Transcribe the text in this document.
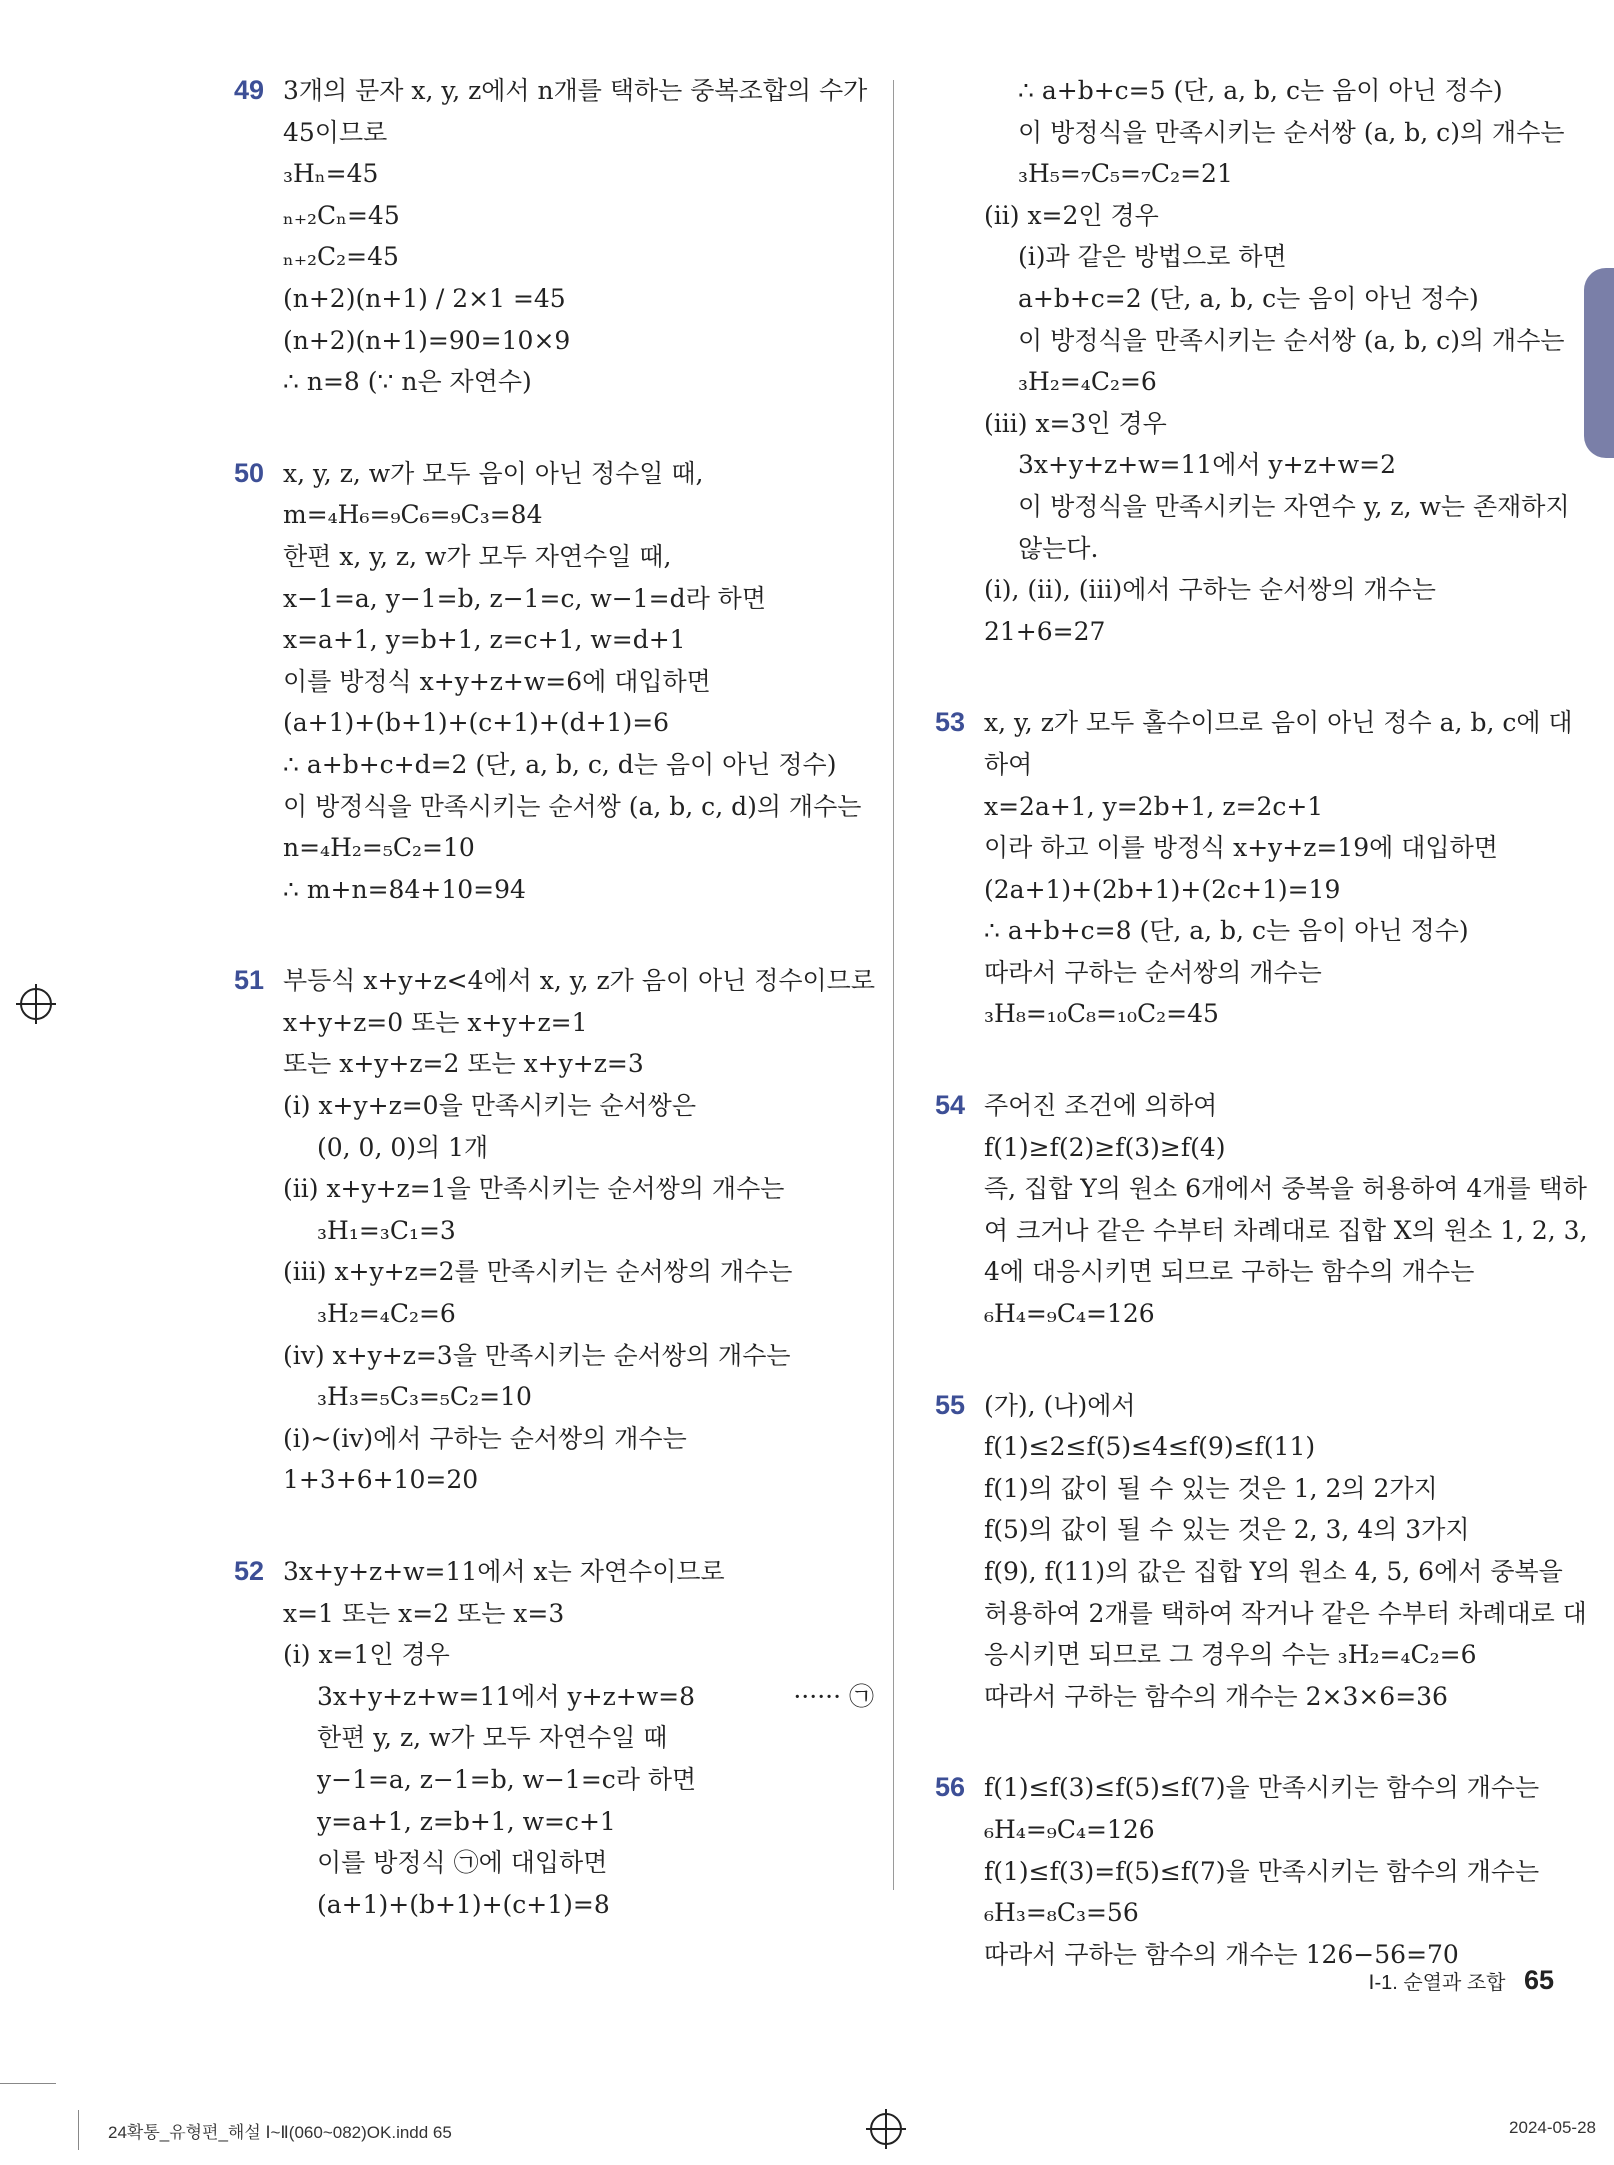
49 3개의 문자 x, y, z에서 n개를 택하는 중복조합의 수가
45이므로
₃Hₙ=45
ₙ₊₂Cₙ=45
ₙ₊₂C₂=45
(n+2)(n+1) / 2×1 =45
(n+2)(n+1)=90=10×9
∴ n=8 (∵ n은 자연수)
50 x, y, z, w가 모두 음이 아닌 정수일 때,
m=₄H₆=₉C₆=₉C₃=84
한편 x, y, z, w가 모두 자연수일 때,
x−1=a, y−1=b, z−1=c, w−1=d라 하면
x=a+1, y=b+1, z=c+1, w=d+1
이를 방정식 x+y+z+w=6에 대입하면
(a+1)+(b+1)+(c+1)+(d+1)=6
∴ a+b+c+d=2 (단, a, b, c, d는 음이 아닌 정수)
이 방정식을 만족시키는 순서쌍 (a, b, c, d)의 개수는
n=₄H₂=₅C₂=10
∴ m+n=84+10=94
51 부등식 x+y+z<4에서 x, y, z가 음이 아닌 정수이므로
x+y+z=0 또는 x+y+z=1
또는 x+y+z=2 또는 x+y+z=3
(ⅰ) x+y+z=0을 만족시키는 순서쌍은
(0, 0, 0)의 1개
(ⅱ) x+y+z=1을 만족시키는 순서쌍의 개수는
₃H₁=₃C₁=3
(ⅲ) x+y+z=2를 만족시키는 순서쌍의 개수는
₃H₂=₄C₂=6
(ⅳ) x+y+z=3을 만족시키는 순서쌍의 개수는
₃H₃=₅C₃=₅C₂=10
(ⅰ)~(ⅳ)에서 구하는 순서쌍의 개수는
1+3+6+10=20
52 3x+y+z+w=11에서 x는 자연수이므로
x=1 또는 x=2 또는 x=3
(ⅰ) x=1인 경우
3x+y+z+w=11에서 y+z+w=8	······ ㉠
한편 y, z, w가 모두 자연수일 때
y−1=a, z−1=b, w−1=c라 하면
y=a+1, z=b+1, w=c+1
이를 방정식 ㉠에 대입하면
(a+1)+(b+1)+(c+1)=8
∴ a+b+c=5 (단, a, b, c는 음이 아닌 정수)
이 방정식을 만족시키는 순서쌍 (a, b, c)의 개수는
₃H₅=₇C₅=₇C₂=21
(ⅱ) x=2인 경우
(ⅰ)과 같은 방법으로 하면
a+b+c=2 (단, a, b, c는 음이 아닌 정수)
이 방정식을 만족시키는 순서쌍 (a, b, c)의 개수는
₃H₂=₄C₂=6
(ⅲ) x=3인 경우
3x+y+z+w=11에서 y+z+w=2
이 방정식을 만족시키는 자연수 y, z, w는 존재하지
않는다.
(ⅰ), (ⅱ), (ⅲ)에서 구하는 순서쌍의 개수는
21+6=27
53 x, y, z가 모두 홀수이므로 음이 아닌 정수 a, b, c에 대
하여
x=2a+1, y=2b+1, z=2c+1
이라 하고 이를 방정식 x+y+z=19에 대입하면
(2a+1)+(2b+1)+(2c+1)=19
∴ a+b+c=8 (단, a, b, c는 음이 아닌 정수)
따라서 구하는 순서쌍의 개수는
₃H₈=₁₀C₈=₁₀C₂=45
54 주어진 조건에 의하여
f(1)≥f(2)≥f(3)≥f(4)
즉, 집합 Y의 원소 6개에서 중복을 허용하여 4개를 택하
여 크거나 같은 수부터 차례대로 집합 X의 원소 1, 2, 3,
4에 대응시키면 되므로 구하는 함수의 개수는
₆H₄=₉C₄=126
55 (가), (나)에서
f(1)≤2≤f(5)≤4≤f(9)≤f(11)
f(1)의 값이 될 수 있는 것은 1, 2의 2가지
f(5)의 값이 될 수 있는 것은 2, 3, 4의 3가지
f(9), f(11)의 값은 집합 Y의 원소 4, 5, 6에서 중복을
허용하여 2개를 택하여 작거나 같은 수부터 차례대로 대
응시키면 되므로 그 경우의 수는 ₃H₂=₄C₂=6
따라서 구하는 함수의 개수는 2×3×6=36
56 f(1)≤f(3)≤f(5)≤f(7)을 만족시키는 함수의 개수는
₆H₄=₉C₄=126
f(1)≤f(3)=f(5)≤f(7)을 만족시키는 함수의 개수는
₆H₃=₈C₃=56
따라서 구하는 함수의 개수는 126−56=70
Ⅰ-1. 순열과 조합 65
24확통_유형편_해설 Ⅰ~Ⅱ(060~082)OK.indd 65	2024-05-28
